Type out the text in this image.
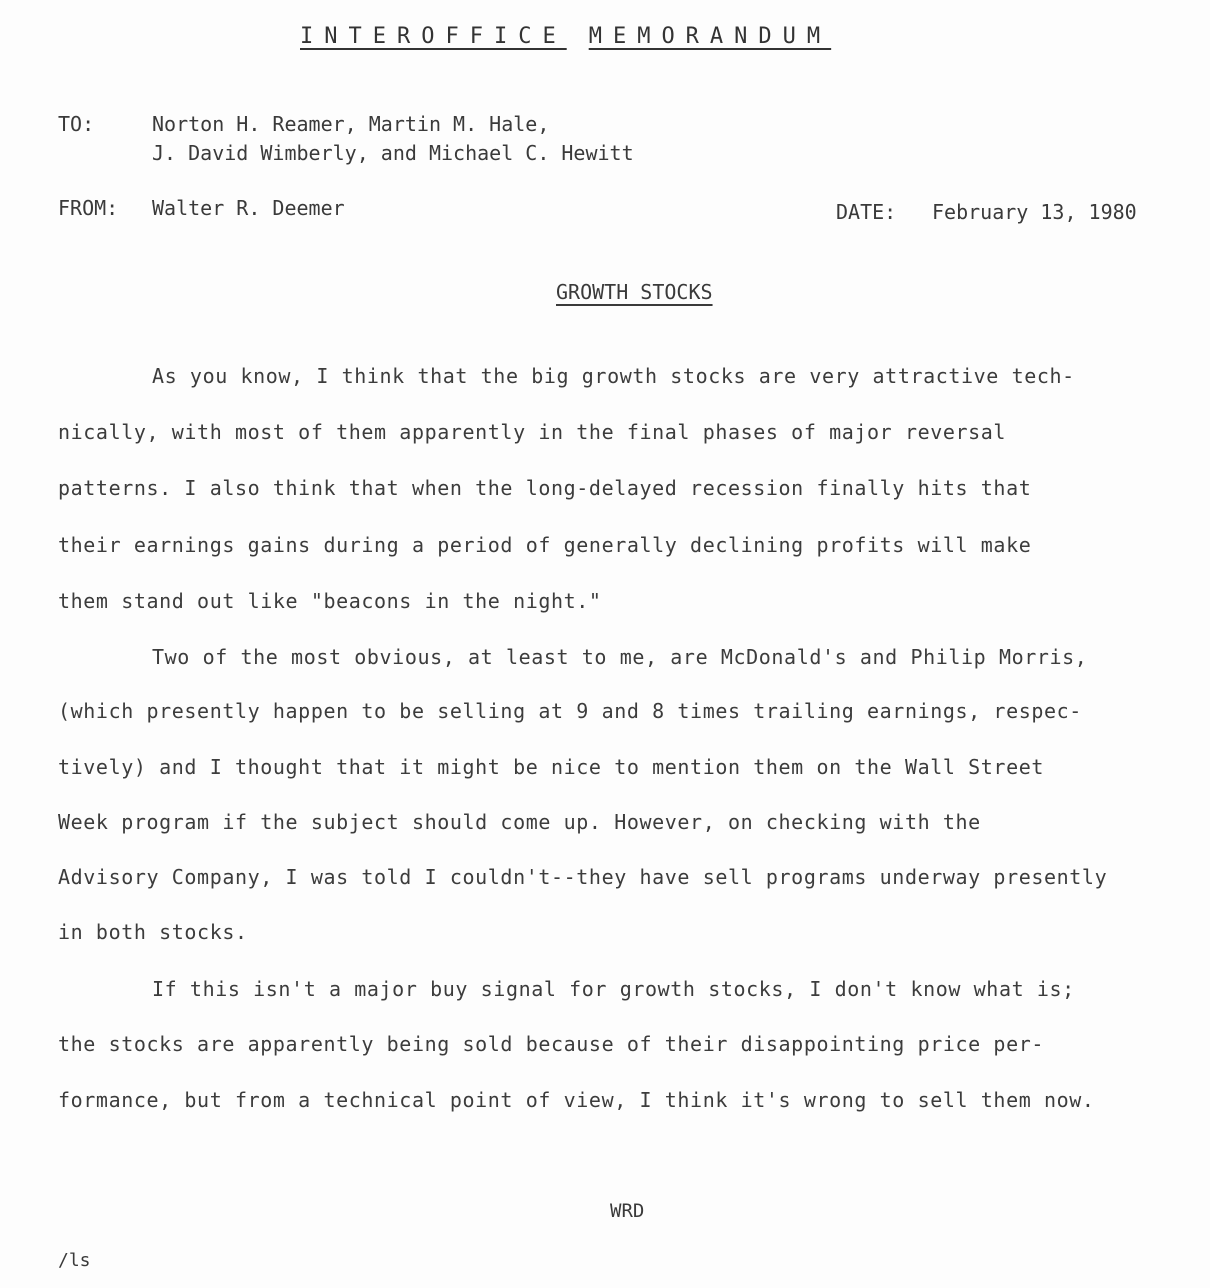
INTEROFFICE MEMORANDUM
TO:	Norton H. Reamer, Martin M. Hale,
J. David Wimberly, and Michael C. Hewitt
FROM: Walter R. Deemer	DATE: February 13, 1980
GROWTH STOCKS
As you know, I think that the big growth stocks are very attractive tech-
nically, with most of them apparently in the final phases of major reversal
patterns. I also think that when the long-delayed recession finally hits that
their earnings gains during a period of generally declining profits will make
them stand out like "beacons in the night."
Two of the most obvious, at least to me, are McDonald's and Philip Morris,
(which presently happen to be selling at 9 and 8 times trailing earnings, respec-
tively) and I thought that it might be nice to mention them on the Wall Street
Week program if the subject should come up. However, on checking with the
Advisory Company, I was told I couldn't--they have sell programs underway presently
in both stocks.
If this isn't a major buy signal for growth stocks, I don't know what is;
the stocks are apparently being sold because of their disappointing price per-
formance, but from a technical point of view, I think it's wrong to sell them now.
WRD
/ls
